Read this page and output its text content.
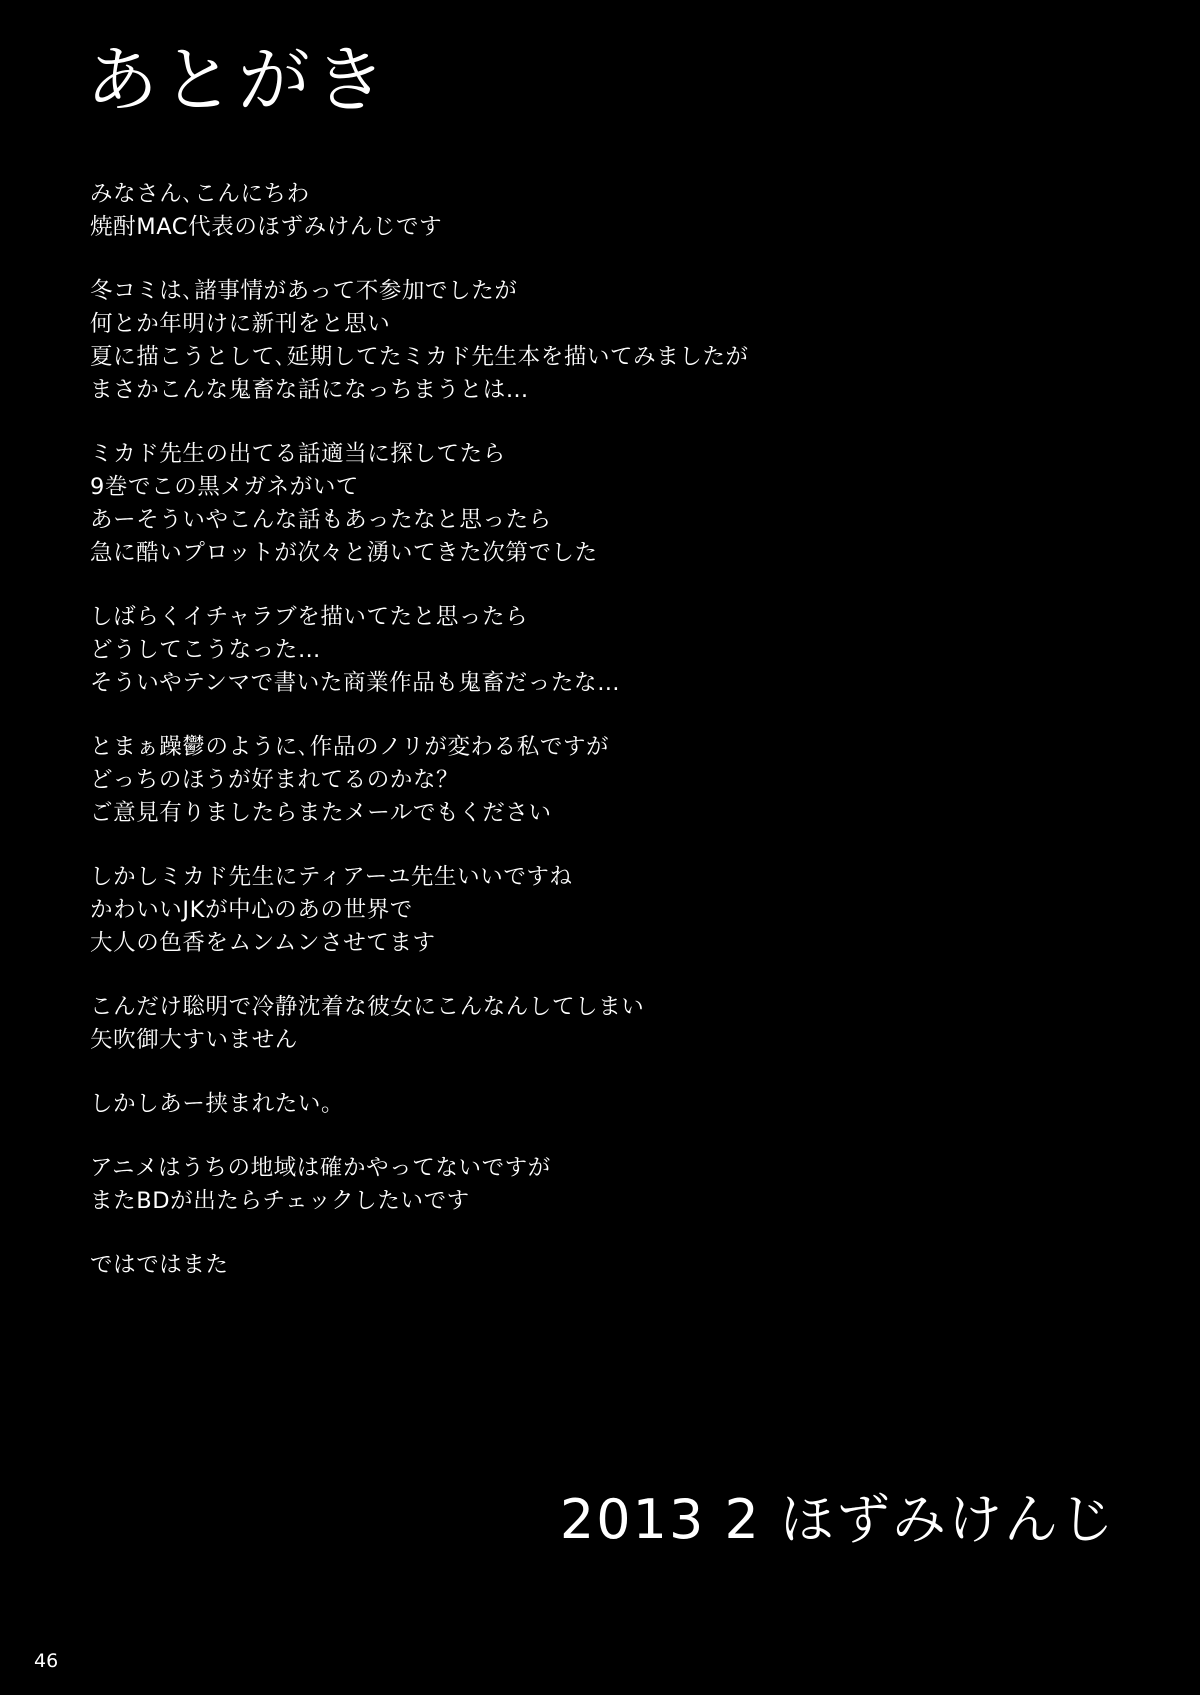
あとがき
みなさん､こんにちわ
焼酎MAC代表のほずみけんじです
冬コミは､諸事情があって不参加でしたが
何とか年明けに新刊をと思い
夏に描こうとして､延期してたミカド先生本を描いてみましたが
まさかこんな鬼畜な話になっちまうとは…
ミカド先生の出てる話適当に探してたら
9巻でこの黒メガネがいて
あーそういやこんな話もあったなと思ったら
急に酷いプロットが次々と湧いてきた次第でした
しばらくイチャラブを描いてたと思ったら
どうしてこうなった…
そういやテンマで書いた商業作品も鬼畜だったな…
とまぁ躁鬱のように､作品のノリが変わる私ですが
どっちのほうが好まれてるのかな？
ご意見有りましたらまたメールでもください
しかしミカド先生にティアーユ先生いいですね
かわいいJKが中心のあの世界で
大人の色香をムンムンさせてます
こんだけ聡明で冷静沈着な彼女にこんなんしてしまい
矢吹御大すいません
しかしあー挟まれたい。
アニメはうちの地域は確かやってないですが
またBDが出たらチェックしたいです
ではではまた
2013 2 ほずみけんじ
46
